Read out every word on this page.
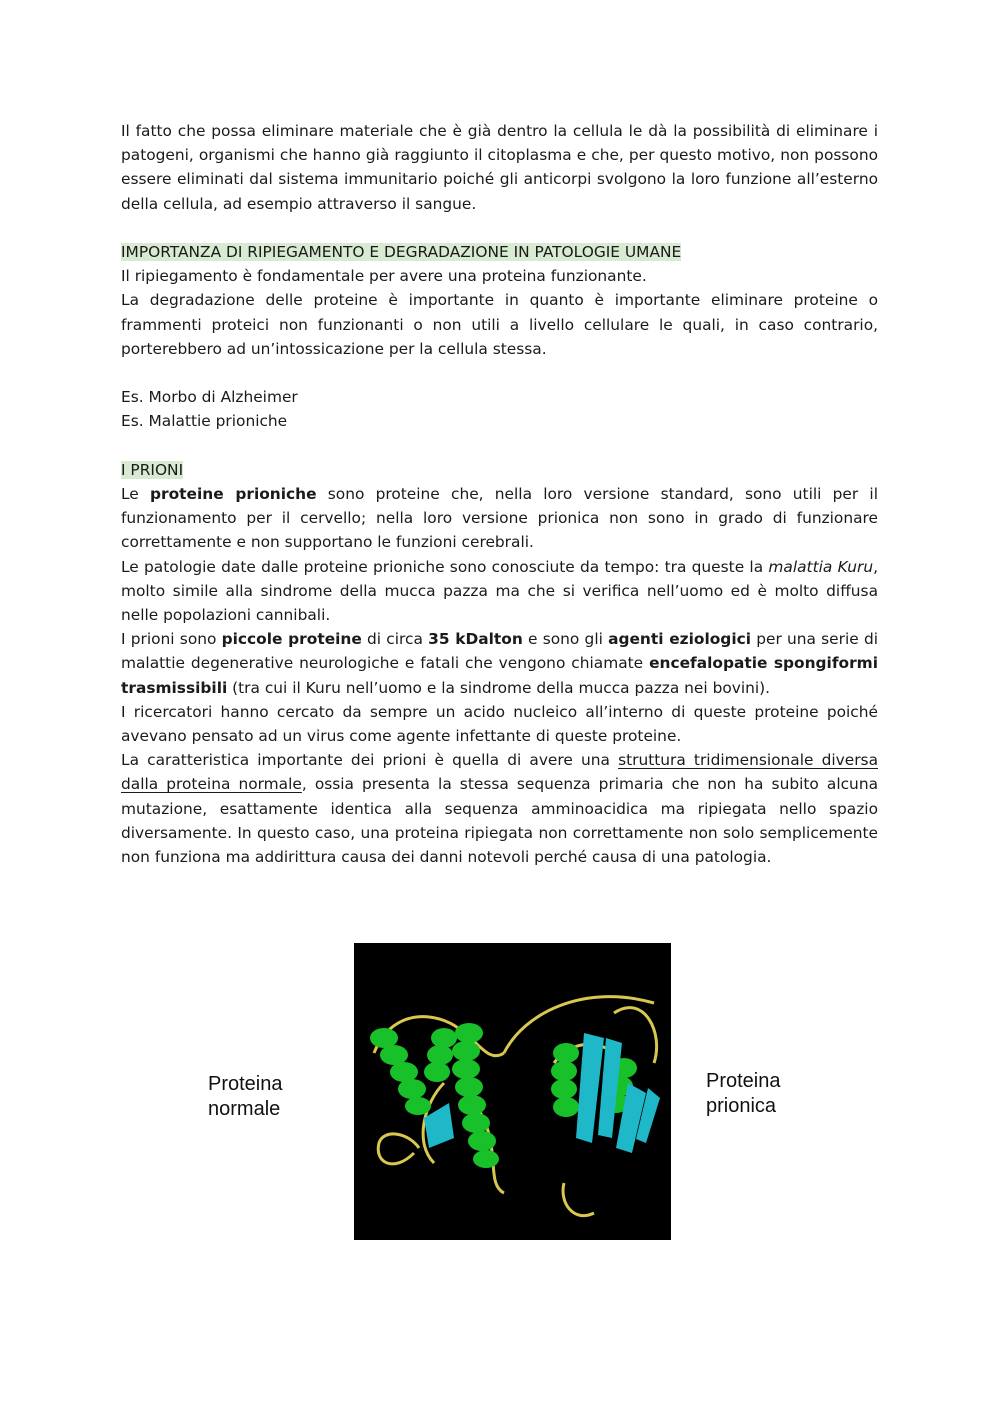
Il fatto che possa eliminare materiale che è già dentro la cellula le dà la possibilità di eliminare i patogeni, organismi che hanno già raggiunto il citoplasma e che, per questo motivo, non possono essere eliminati dal sistema immunitario poiché gli anticorpi svolgono la loro funzione all’esterno della cellula, ad esempio attraverso il sangue.

IMPORTANZA DI RIPIEGAMENTO E DEGRADAZIONE IN PATOLOGIE UMANE

Il ripiegamento è fondamentale per avere una proteina funzionante.

La degradazione delle proteine è importante in quanto è importante eliminare proteine o frammenti proteici non funzionanti o non utili a livello cellulare le quali, in caso contrario, porterebbero ad un’intossicazione per la cellula stessa.

Es. Morbo di Alzheimer

Es. Malattie prioniche

I PRIONI

Le proteine prioniche sono proteine che, nella loro versione standard, sono utili per il funzionamento per il cervello; nella loro versione prionica non sono in grado di funzionare correttamente e non supportano le funzioni cerebrali.

Le patologie date dalle proteine prioniche sono conosciute da tempo: tra queste la malattia Kuru, molto simile alla sindrome della mucca pazza ma che si verifica nell’uomo ed è molto diffusa nelle popolazioni cannibali.

I prioni sono piccole proteine di circa 35 kDalton e sono gli agenti eziologici per una serie di malattie degenerative neurologiche e fatali che vengono chiamate encefalopatie spongiformi trasmissibili (tra cui il Kuru nell’uomo e la sindrome della mucca pazza nei bovini).

I ricercatori hanno cercato da sempre un acido nucleico all’interno di queste proteine poiché avevano pensato ad un virus come agente infettante di queste proteine.

La caratteristica importante dei prioni è quella di avere una struttura tridimensionale diversa dalla proteina normale, ossia presenta la stessa sequenza primaria che non ha subito alcuna mutazione, esattamente identica alla sequenza amminoacidica ma ripiegata nello spazio diversamente. In questo caso, una proteina ripiegata non correttamente non solo semplicemente non funziona ma addirittura causa dei danni notevoli perché causa di una patologia.

Proteina
normale
Proteina
prionica
